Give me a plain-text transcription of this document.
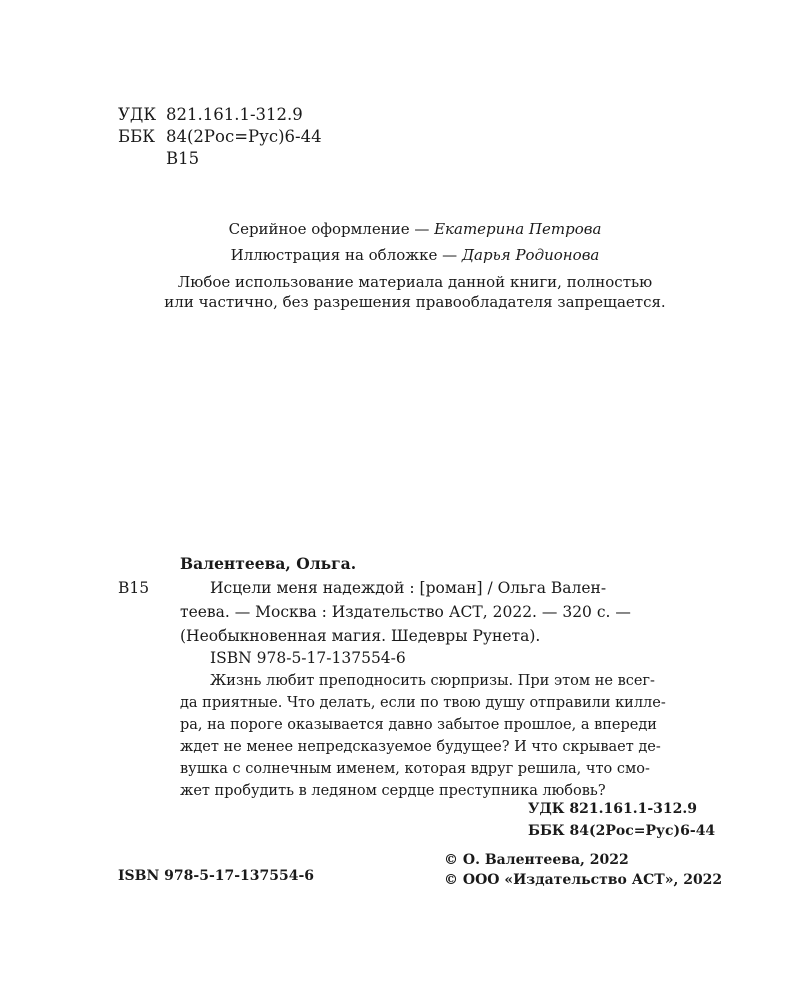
УДК 821.161.1-312.9
ББК 84(2Рос=Рус)6-44
В15
Серийное оформление — Екатерина Петрова
Иллюстрация на обложке — Дарья Родионова
Любое использование материала данной книги, полностью
или частично, без разрешения правообладателя запрещается.
Валентеева, Ольга.
В15	Исцели меня надеждой : [роман] / Ольга Вален-
теева. — Москва : Издательство АСТ, 2022. — 320 с. —
(Необыкновенная магия. Шедевры Рунета).
ISBN 978-5-17-137554-6
Жизнь любит преподносить сюрпризы. При этом не всег-
да приятные. Что делать, если по твою душу отправили килле-
ра, на пороге оказывается давно забытое прошлое, а впереди
ждет не менее непредсказуемое будущее? И что скрывает де-
вушка с солнечным именем, которая вдруг решила, что смо-
жет пробудить в ледяном сердце преступника любовь?
УДК 821.161.1-312.9
ББК 84(2Рос=Рус)6-44
ISBN 978-5-17-137554-6
© О. Валентеева, 2022
© ООО «Издательство АСТ», 2022
